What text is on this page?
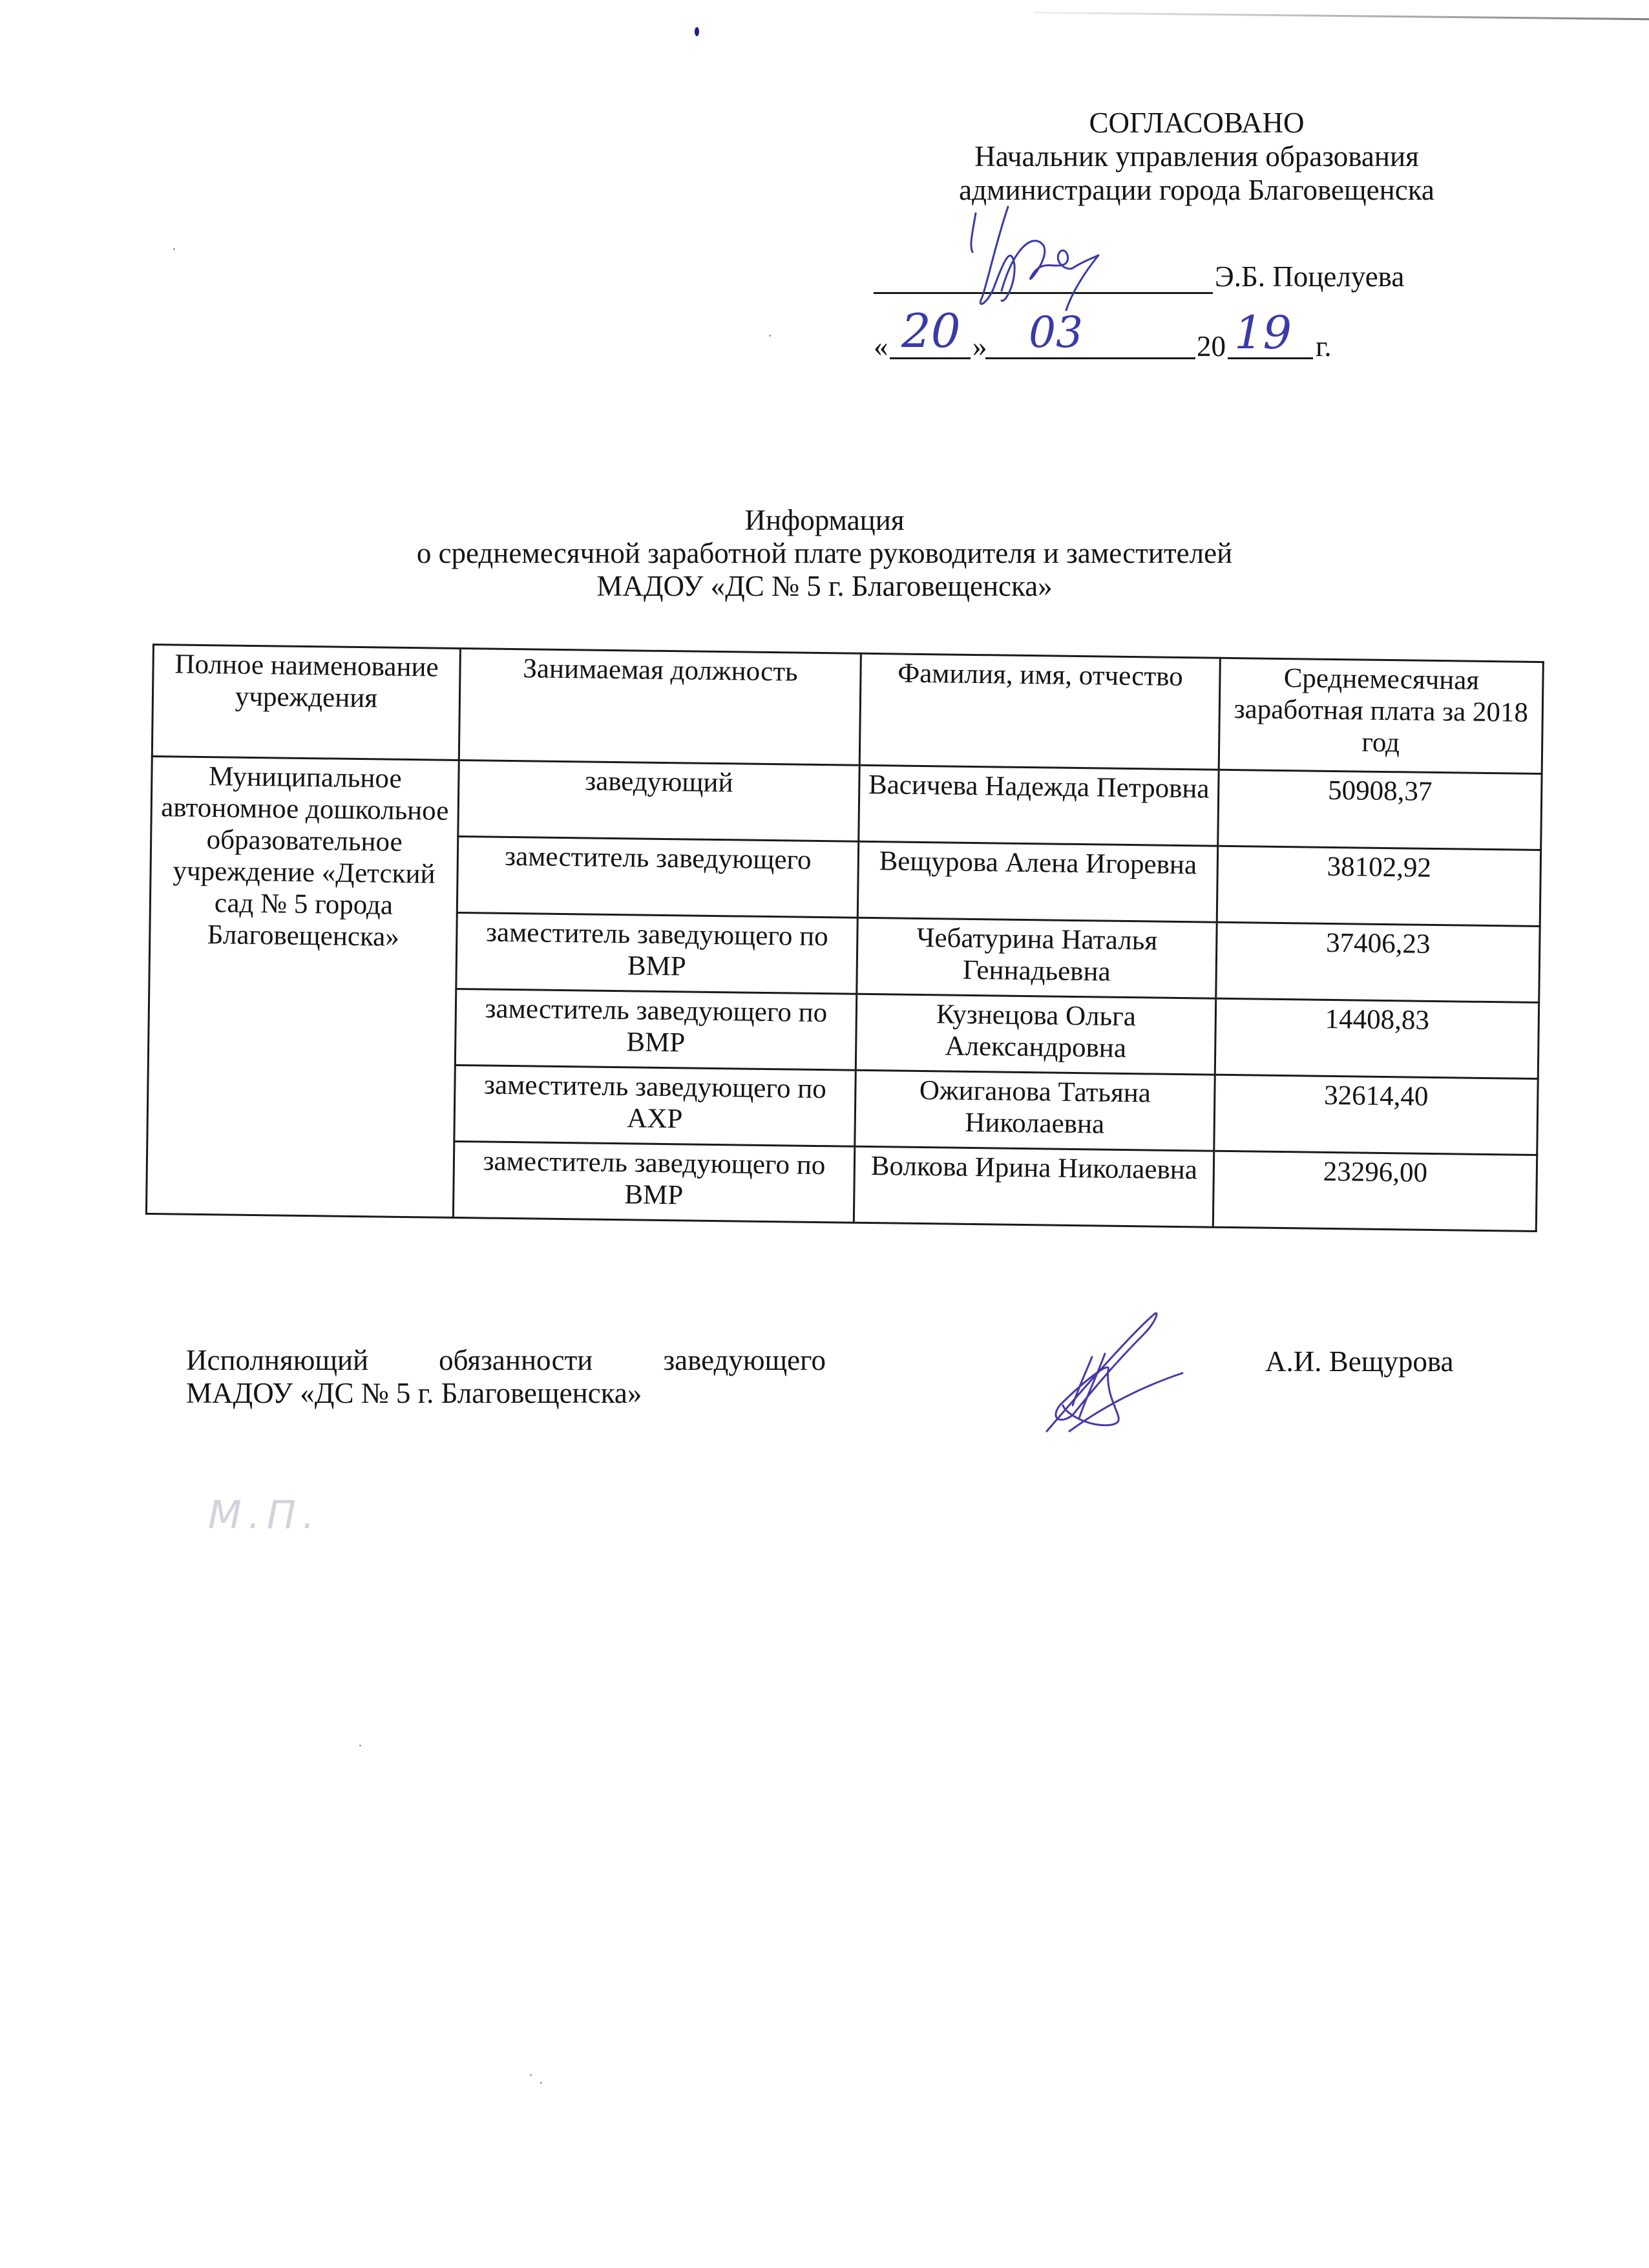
СОГЛАСОВАНО
Начальник управления образования
администрации города Благовещенска
Э.Б. Поцелуева
« 20 » 03	20 19 г.
Информация
о среднемесячной заработной плате руководителя и заместителей
МАДОУ «ДС № 5 г. Благовещенска»
Полное наименование учреждения	Занимаемая должность	Фамилия, имя, отчество	Среднемесячная заработная плата за 2018 год
Муниципальное автономное дошкольное образовательное учреждение «Детский сад № 5 города Благовещенска»	заведующий	Васичева Надежда Петровна	50908,37
	заместитель заведующего	Вещурова Алена Игоревна	38102,92
	заместитель заведующего по ВМР	Чебатурина Наталья Геннадьевна	37406,23
	заместитель заведующего по ВМР	Кузнецова Ольга Александровна	14408,83
	заместитель заведующего по АХР	Ожиганова Татьяна Николаевна	32614,40
	заместитель заведующего по ВМР	Волкова Ирина Николаевна	23296,00
Исполняющий обязанности заведующего
МАДОУ «ДС № 5 г. Благовещенска»
А.И. Вещурова
М.П.
